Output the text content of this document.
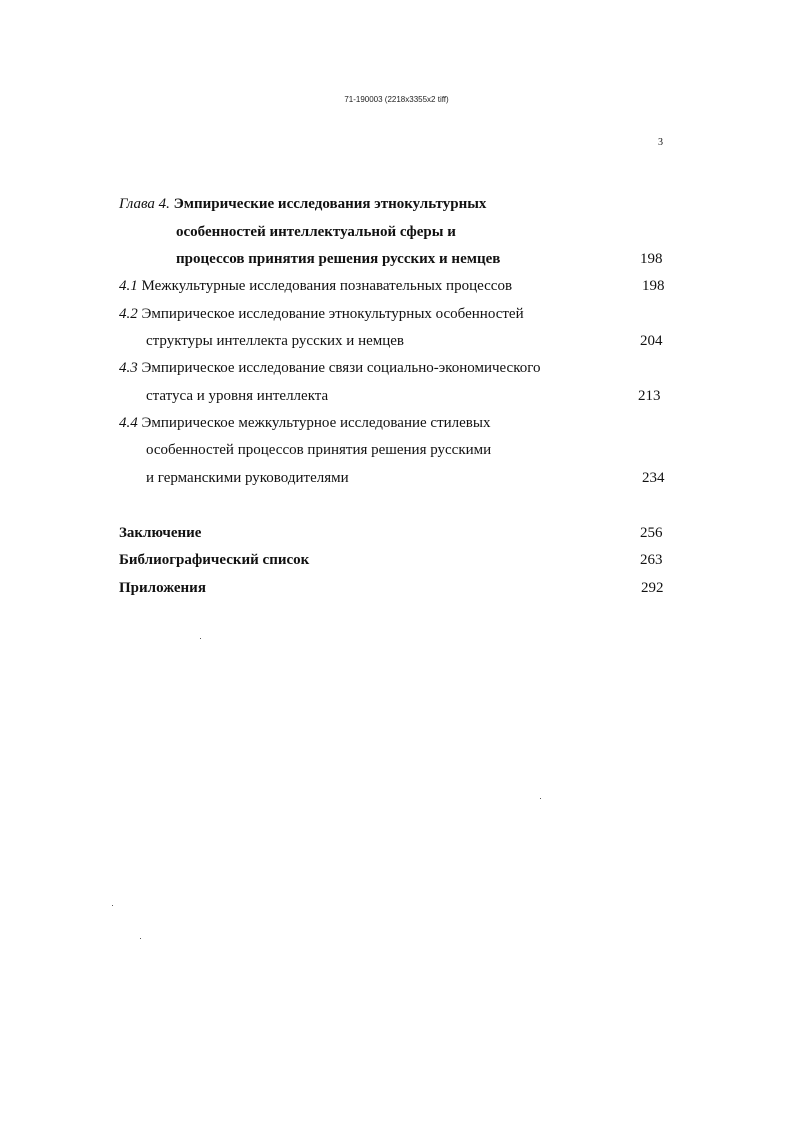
71-190003 (2218x3355x2 tiff)
3
Глава 4. Эмпирические исследования этнокультурных
особенностей интеллектуальной сферы и
процессов принятия решения русских и немцев	198
4.1 Межкультурные исследования познавательных процессов	198
4.2 Эмпирическое исследование этнокультурных особенностей
структуры интеллекта русских и немцев	204
4.3 Эмпирическое исследование связи социально-экономического
статуса и уровня интеллекта	213
4.4 Эмпирическое межкультурное исследование стилевых
особенностей процессов принятия решения русскими
и германскими руководителями	234
Заключение	256
Библиографический список	263
Приложения	292
